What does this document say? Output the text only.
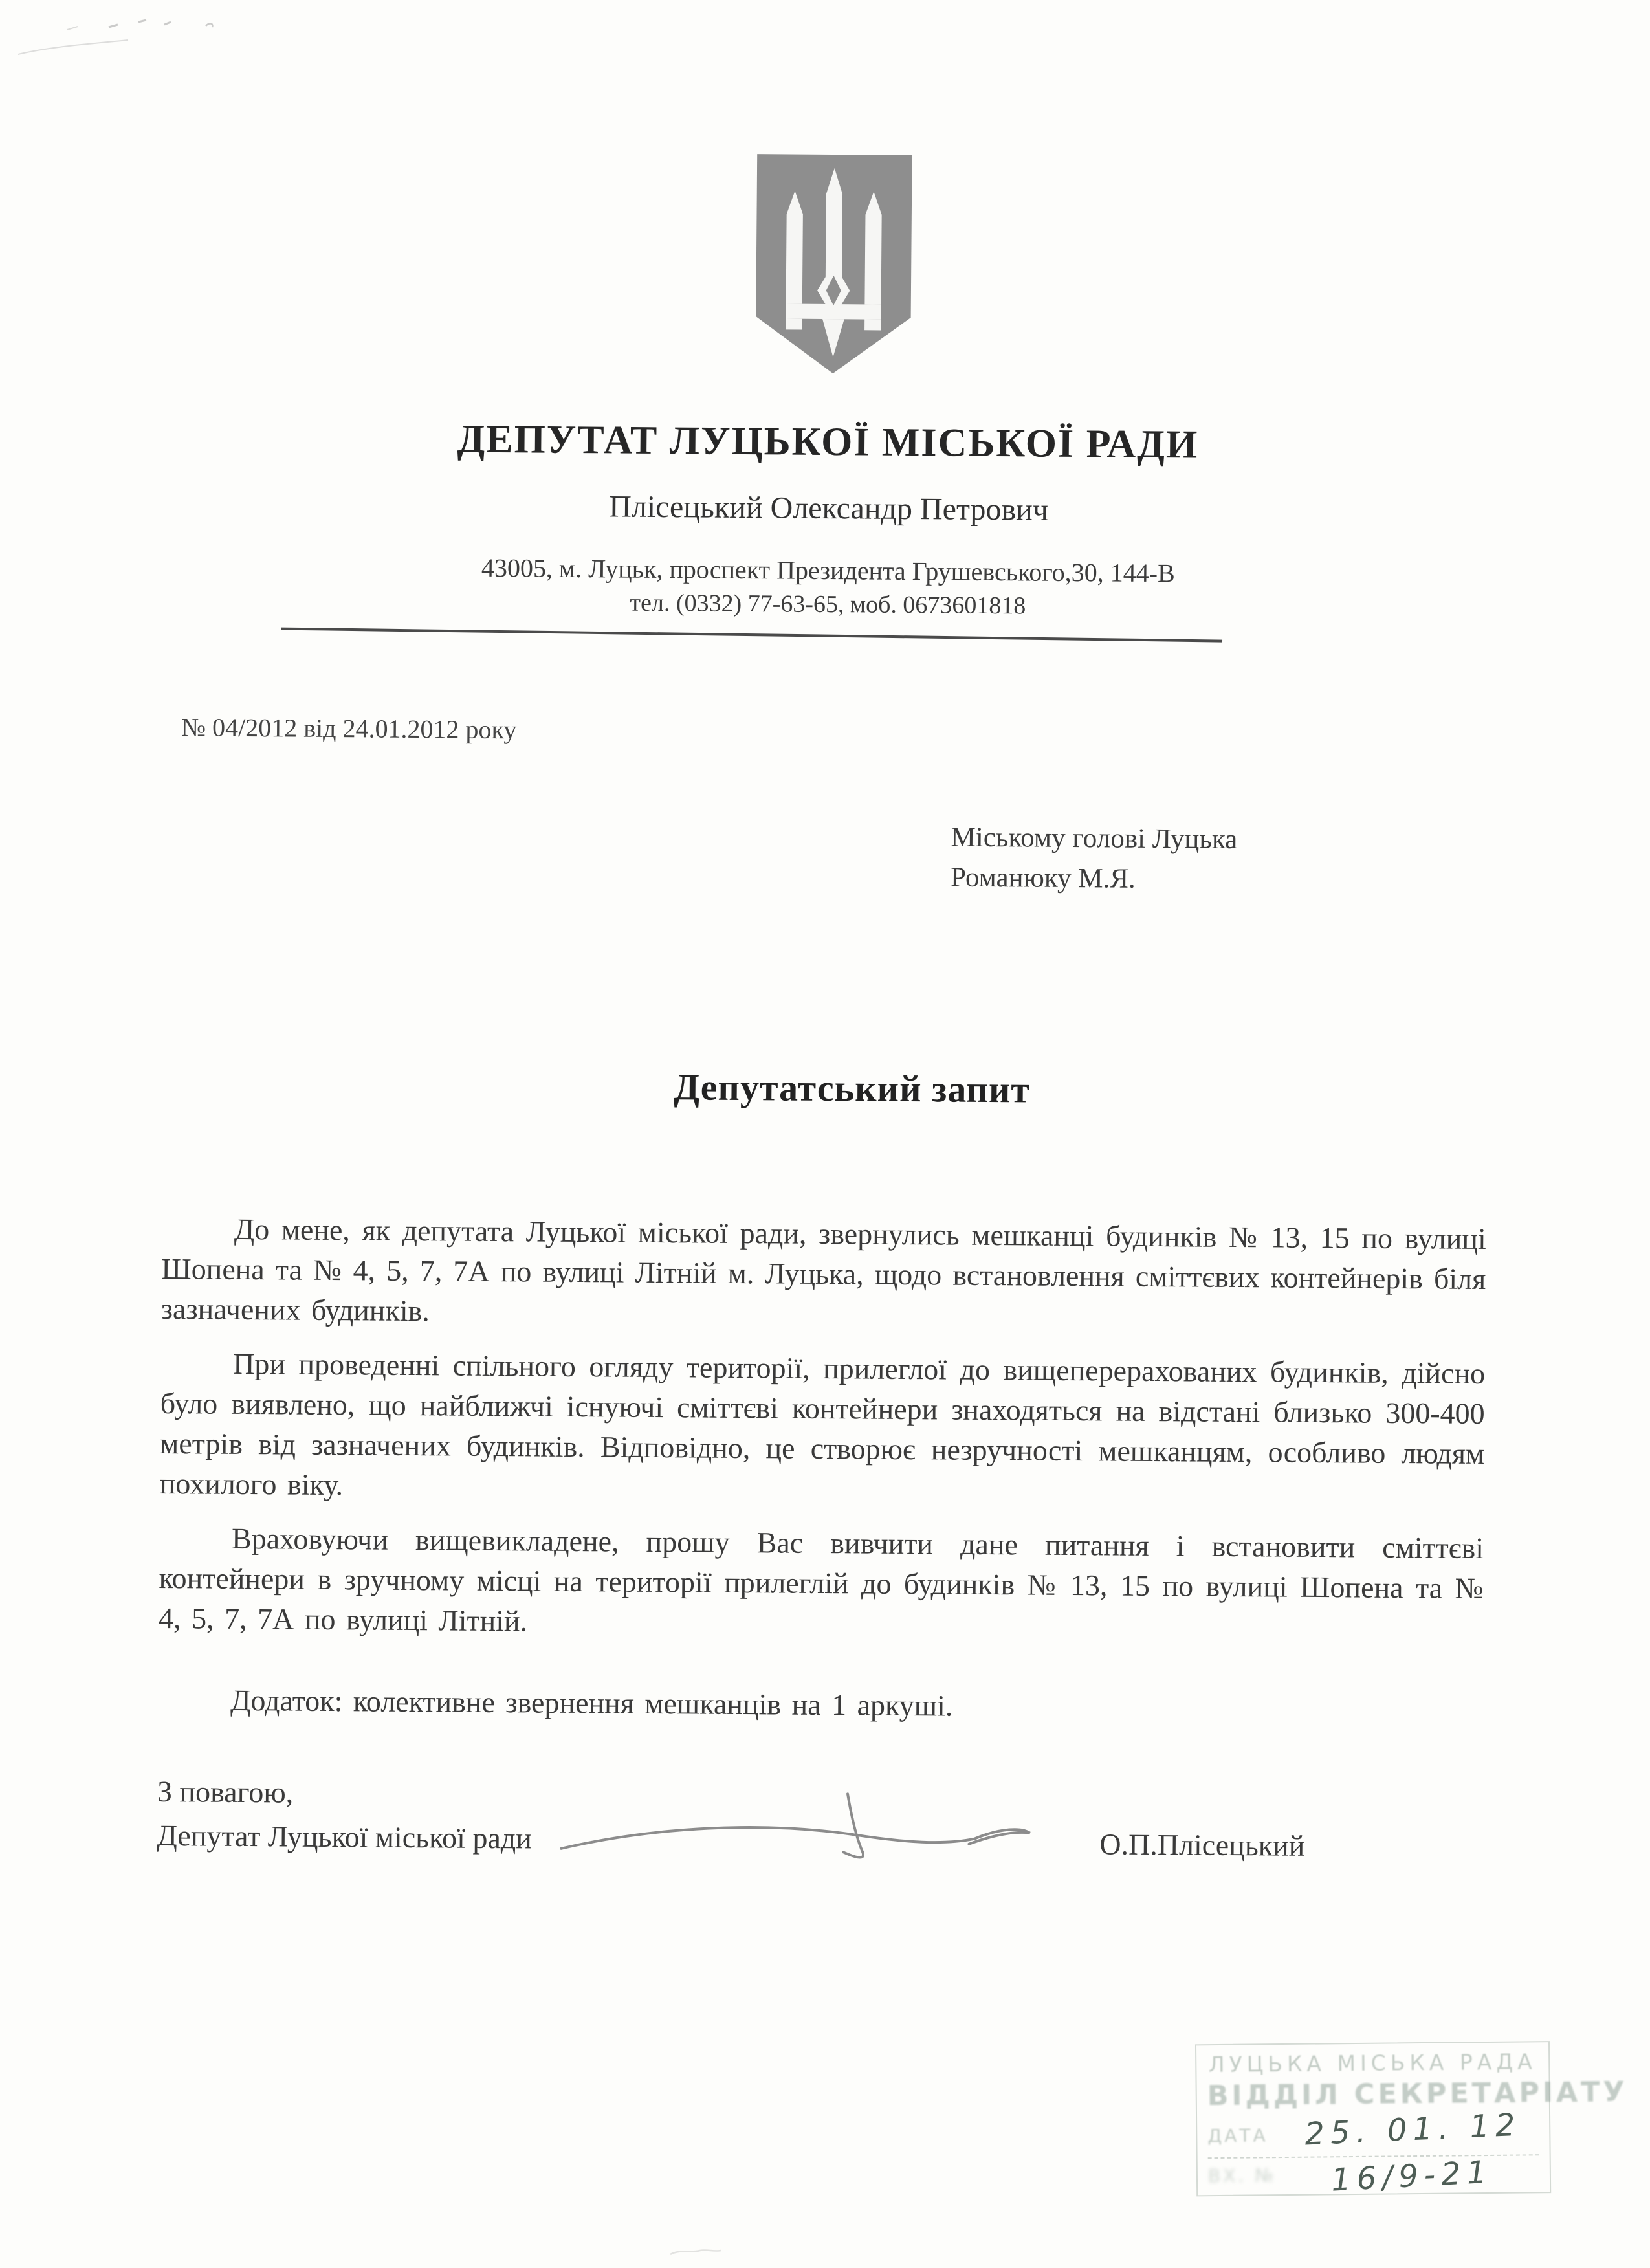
ДЕПУТАТ ЛУЦЬКОЇ МІСЬКОЇ РАДИ
Плісецький Олександр Петрович
43005, м. Луцьк, проспект Президента Грушевського,30, 144-В
тел. (0332) 77-63-65, моб. 0673601818
№ 04/2012 від 24.01.2012 року
Міському голові Луцька
Романюку М.Я.
Депутатський запит

До мене, як депутата Луцької міської ради, звернулись мешканці будинків № 13, 15 по вулиці Шопена та № 4, 5, 7, 7А по вулиці Літній м. Луцька, щодо встановлення сміттєвих контейнерів біля зазначених будинків.

При проведенні спільного огляду території, прилеглої до вищеперерахованих будинків, дійсно було виявлено, що найближчі існуючі сміттєві контейнери знаходяться на відстані близько 300-400 метрів від зазначених будинків. Відповідно, це створює незручності мешканцям, особливо людям похилого віку.

Враховуючи вищевикладене, прошу Вас вивчити дане питання і встановити сміттєві контейнери в зручному місці на території прилеглій до будинків № 13, 15 по вулиці Шопена та № 4, 5, 7, 7А по вулиці Літній.

Додаток: колективне звернення мешканців на 1 аркуші.

З повагою,
Депутат Луцької міської ради	О.П.Плісецький
ЛУЦЬКА МІСЬКА РАДА
ВІДДІЛ СЕКРЕТАРІАТУ
ДАТА 25. 01. 12
ВХ. № 16/9-21
